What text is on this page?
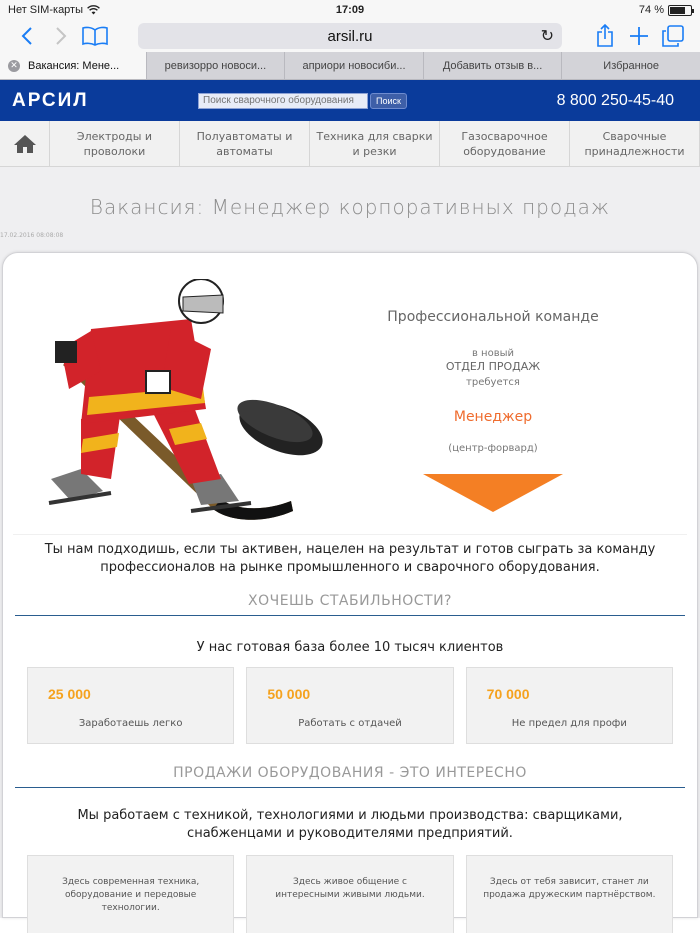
Нет SIM-карты	17:09	74 %
arsil.ru	↻
✕ Вакансия: Мене...	ревизорро новоси...	априори новосиби...	Добавить отзыв в...	Избранное
АРСИЛ
Поиск сварочного оборудования	Поиск	8 800 250-45-40
Электроды и проволоки
Полуавтоматы и автоматы
Техника для сварки и резки
Газосварочное оборудование
Сварочные принадлежности
Вакансия: Менеджер корпоративных продаж
17.02.2016 08:08:08
Профессиональной команде
в новый
ОТДЕЛ ПРОДАЖ
требуется
Менеджер
(центр-форвард)

Ты нам подходишь, если ты активен, нацелен на результат и готов сыграть за команду профессионалов на рынке промышленного и сварочного оборудования.

ХОЧЕШЬ СТАБИЛЬНОСТИ?
У нас готовая база более 10 тысяч клиентов
25 000
Заработаешь легко
50 000
Работать с отдачей
70 000
Не предел для профи
ПРОДАЖИ ОБОРУДОВАНИЯ - ЭТО ИНТЕРЕСНО

Мы работаем с техникой, технологиями и людьми производства: сварщиками, снабженцами и руководителями предприятий.

Здесь современная техника, оборудование и передовые технологии.
Здесь живое общение с интересными живыми людьми.
Здесь от тебя зависит, станет ли продажа дружеским партнёрством.
